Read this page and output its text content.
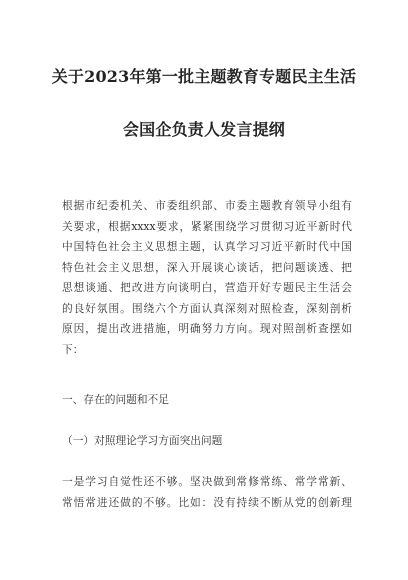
关于2023年第一批主题教育专题民主生活
会国企负责人发言提纲
根据市纪委机关、市委组织部、市委主题教育领导小组有
关要求，根据xxxx要求，紧紧围绕学习贯彻习近平新时代
中国特色社会主义思想主题，认真学习习近平新时代中国
特色社会主义思想，深入开展谈心谈话，把问题谈透、把
思想谈通、把改进方向谈明白，营造开好专题民主生活会
的良好氛围。围绕六个方面认真深刻对照检查，深刻剖析
原因，提出改进措施，明确努力方向。现对照剖析查摆如
下：
一、存在的问题和不足
（一）对照理论学习方面突出问题
一是学习自觉性还不够。坚决做到常修常练、常学常新、
常悟常进还做的不够。比如：没有持续不断从党的创新理
